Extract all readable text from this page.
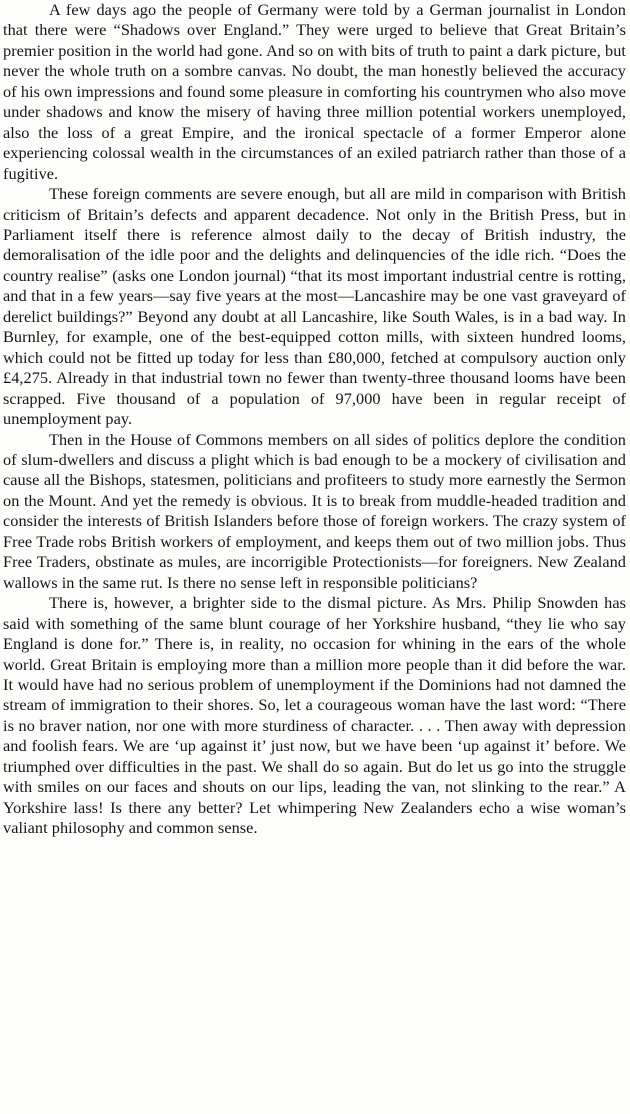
A few days ago the people of Germany were told by a German journalist in London that there were “Shadows over England.” They were urged to believe that Great Britain’s premier position in the world had gone. And so on with bits of truth to paint a dark picture, but never the whole truth on a sombre canvas. No doubt, the man honestly believed the accuracy of his own impressions and found some pleasure in comforting his countrymen who also move under shadows and know the misery of having three million potential workers unemployed, also the loss of a great Empire, and the ironical spectacle of a former Emperor alone experiencing colossal wealth in the circumstances of an exiled patriarch rather than those of a fugitive.

These foreign comments are severe enough, but all are mild in comparison with British criticism of Britain’s defects and apparent decadence. Not only in the British Press, but in Parliament itself there is reference almost daily to the decay of British industry, the demoralisation of the idle poor and the delights and delinquencies of the idle rich. “Does the country realise” (asks one London journal) “that its most important industrial centre is rotting, and that in a few years—say five years at the most—Lancashire may be one vast graveyard of derelict buildings?” Beyond any doubt at all Lancashire, like South Wales, is in a bad way. In Burnley, for example, one of the best-equipped cotton mills, with sixteen hundred looms, which could not be fitted up today for less than £80,000, fetched at compulsory auction only £4,275. Already in that industrial town no fewer than twenty-three thousand looms have been scrapped. Five thousand of a population of 97,000 have been in regular receipt of unemployment pay.

Then in the House of Commons members on all sides of politics deplore the condition of slum-dwellers and discuss a plight which is bad enough to be a mockery of civilisation and cause all the Bishops, statesmen, politicians and profiteers to study more earnestly the Sermon on the Mount. And yet the remedy is obvious. It is to break from muddle-headed tradition and consider the interests of British Islanders before those of foreign workers. The crazy system of Free Trade robs British workers of employment, and keeps them out of two million jobs. Thus Free Traders, obstinate as mules, are incorrigible Protectionists—for foreigners. New Zealand wallows in the same rut. Is there no sense left in responsible politicians?

There is, however, a brighter side to the dismal picture. As Mrs. Philip Snowden has said with something of the same blunt courage of her Yorkshire husband, “they lie who say England is done for.” There is, in reality, no occasion for whining in the ears of the whole world. Great Britain is employing more than a million more people than it did before the war. It would have had no serious problem of unemployment if the Dominions had not damned the stream of immigration to their shores. So, let a courageous woman have the last word: “There is no braver nation, nor one with more sturdiness of character. . . . Then away with depression and foolish fears. We are ‘up against it’ just now, but we have been ‘up against it’ before. We triumphed over difficulties in the past. We shall do so again. But do let us go into the struggle with smiles on our faces and shouts on our lips, leading the van, not slinking to the rear.” A Yorkshire lass! Is there any better? Let whimpering New Zealanders echo a wise woman’s valiant philosophy and common sense.
